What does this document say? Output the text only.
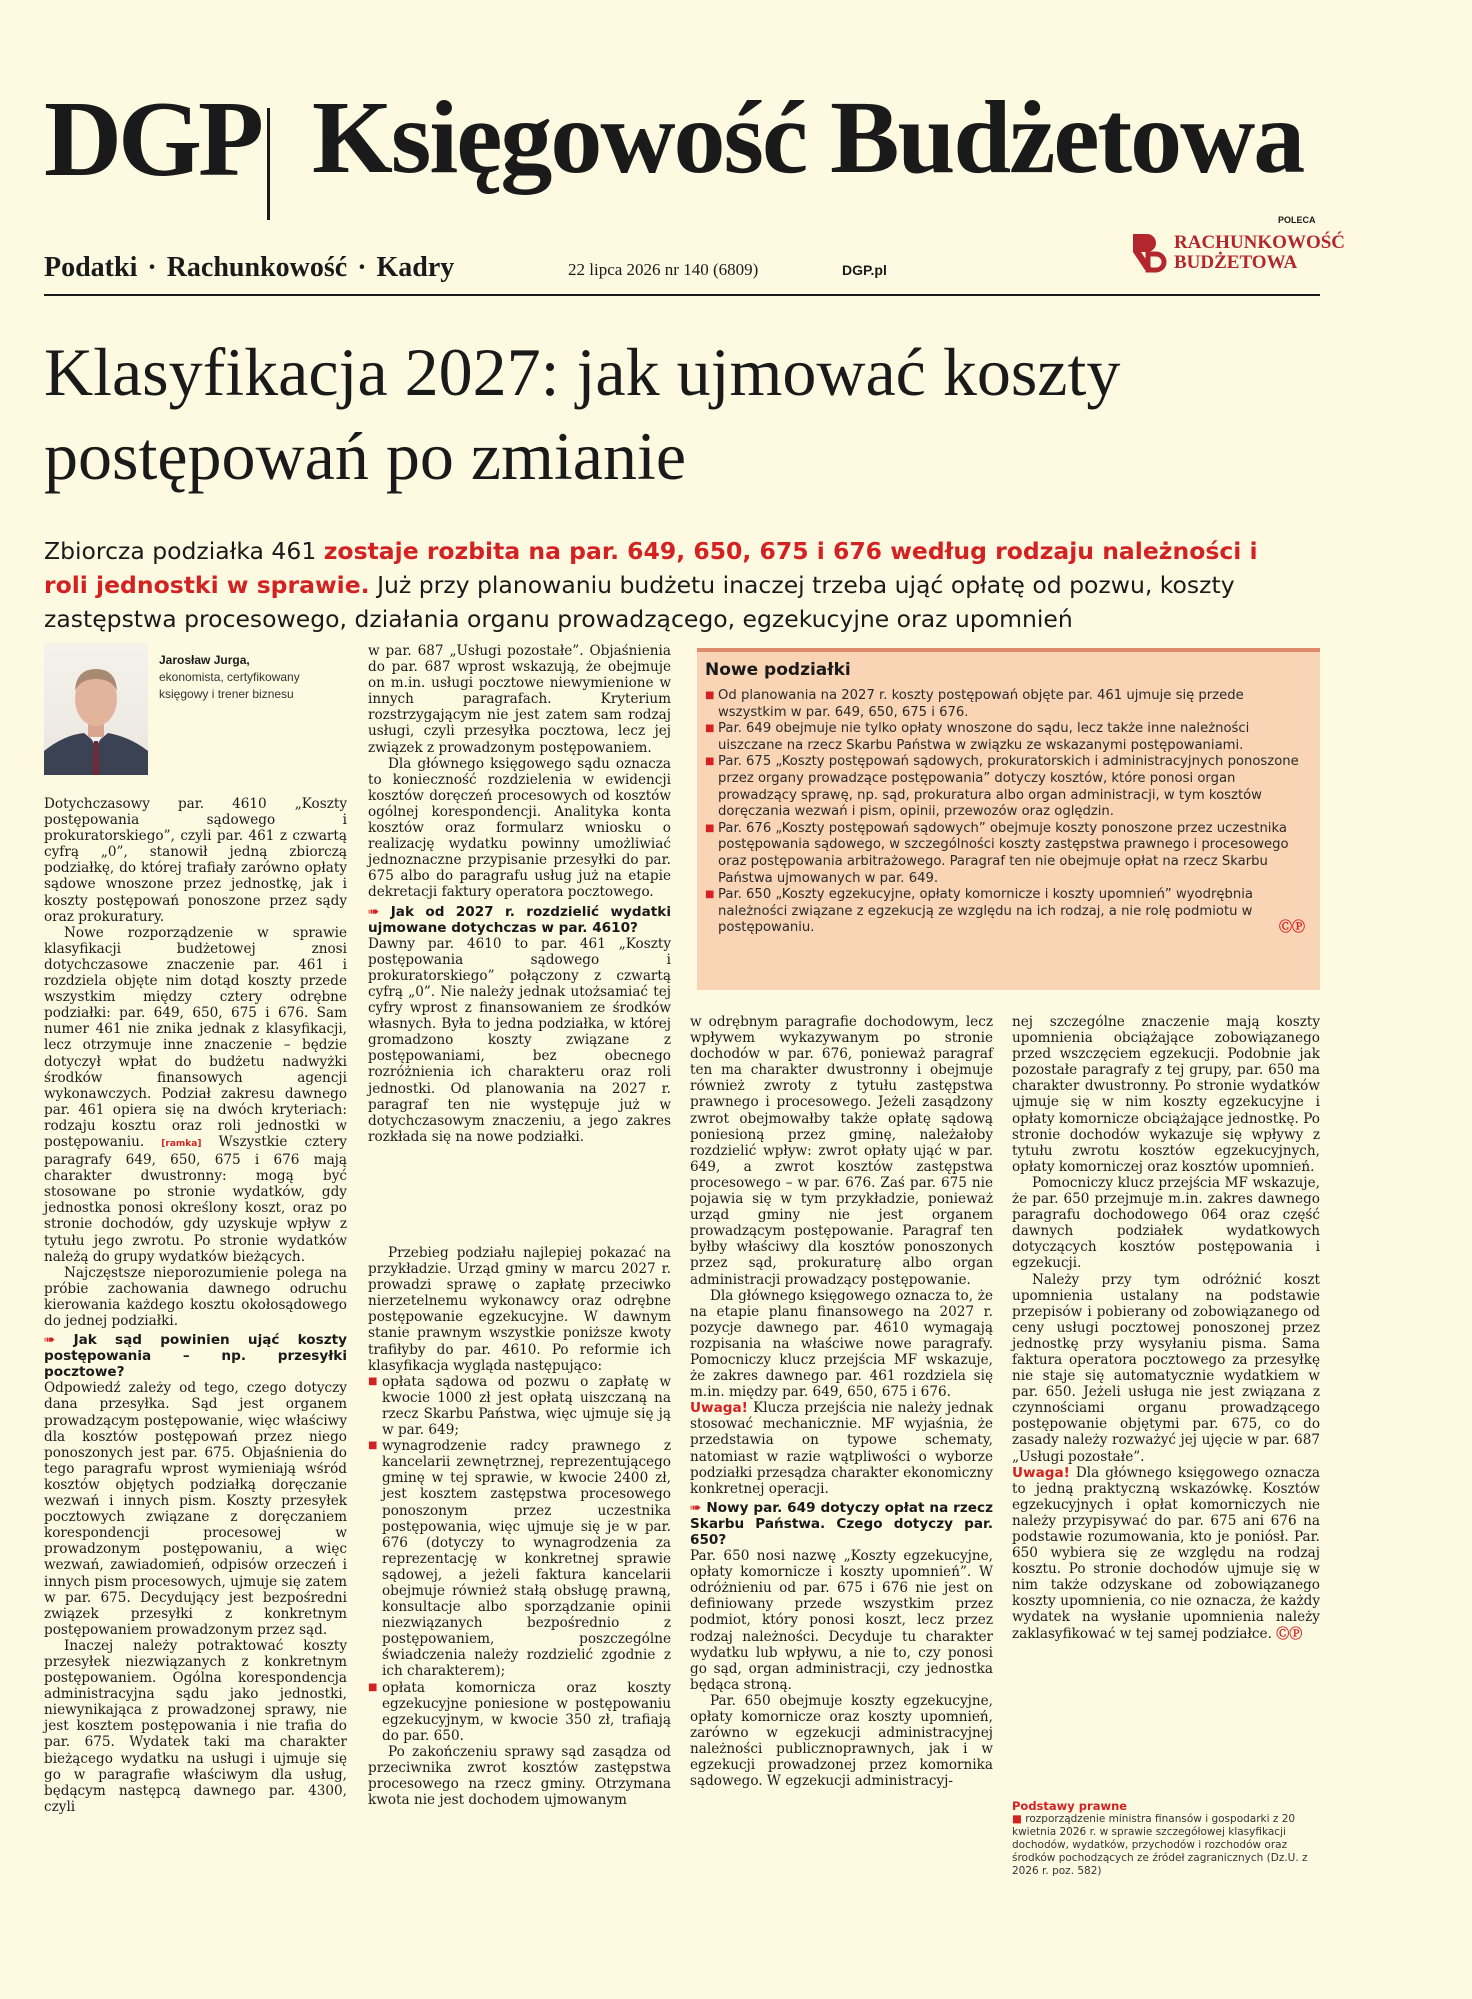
DGP Księgowość Budżetowa
Podatki · Rachunkowość · Kadry	22 lipca 2026 nr 140 (6809)	DGP.pl
POLECA
RACHUNKOWOŚĆ
BUDŻETOWA
Klasyfikacja 2027: jak ujmować koszty postępowań po zmianie
Zbiorcza podziałka 461 zostaje rozbita na par. 649, 650, 675 i 676 według rodzaju należności i roli jednostki w sprawie. Już przy planowaniu budżetu inaczej trzeba ująć opłatę od pozwu, koszty zastępstwa procesowego, działania organu prowadzącego, egzekucyjne oraz upomnień
Jarosław Jurga,
ekonomista, certyfikowany księgowy i trener biznesu
Nowe podziałki
■ Od planowania na 2027 r. koszty postępowań objęte par. 461 ujmuje się przede wszystkim w par. 649, 650, 675 i 676.
■ Par. 649 obejmuje nie tylko opłaty wnoszone do sądu, lecz także inne należności uiszczane na rzecz Skarbu Państwa w związku ze wskazanymi postępowaniami.
■ Par. 675 „Koszty postępowań sądowych, prokuratorskich i administracyjnych ponoszone przez organy prowadzące postępowania” dotyczy kosztów, które ponosi organ prowadzący sprawę, np. sąd, prokuratura albo organ administracji, w tym kosztów doręczania wezwań i pism, opinii, przewozów oraz oględzin.
■ Par. 676 „Koszty postępowań sądowych” obejmuje koszty ponoszone przez uczestnika postępowania sądowego, w szczególności koszty zastępstwa prawnego i procesowego oraz postępowania arbitrażowego. Paragraf ten nie obejmuje opłat na rzecz Skarbu Państwa ujmowanych w par. 649.
■ Par. 650 „Koszty egzekucyjne, opłaty komornicze i koszty upomnień” wyodrębnia należności związane z egzekucją ze względu na ich rodzaj, a nie rolę podmiotu w postępowaniu.	ⒸⓅ

Dotychczasowy par. 4610 „Koszty postępowania sądowego i prokuratorskiego”, czyli par. 461 z czwartą cyfrą „0”, stanowił jedną zbiorczą podziałkę, do której trafiały zarówno opłaty sądowe wnoszone przez jednostkę, jak i koszty postępowań ponoszone przez sądy oraz prokuratury.

Nowe rozporządzenie w sprawie klasyfikacji budżetowej znosi dotychczasowe znaczenie par. 461 i rozdziela objęte nim dotąd koszty przede wszystkim między cztery odrębne podziałki: par. 649, 650, 675 i 676. Sam numer 461 nie znika jednak z klasyfikacji, lecz otrzymuje inne znaczenie – będzie dotyczył wpłat do budżetu nadwyżki środków finansowych agencji wykonawczych. Podział zakresu dawnego par. 461 opiera się na dwóch kryteriach: rodzaju kosztu oraz roli jednostki w postępowaniu. [ramka] Wszystkie cztery paragrafy 649, 650, 675 i 676 mają charakter dwustronny: mogą być stosowane po stronie wydatków, gdy jednostka ponosi określony koszt, oraz po stronie dochodów, gdy uzyskuje wpływ z tytułu jego zwrotu. Po stronie wydatków należą do grupy wydatków bieżących.

Najczęstsze nieporozumienie polega na próbie zachowania dawnego odruchu kierowania każdego kosztu okołosądowego do jednej podziałki.

➠ Jak sąd powinien ująć koszty postępowania – np. przesyłki pocztowe?

Odpowiedź zależy od tego, czego dotyczy dana przesyłka. Sąd jest organem prowadzącym postępowanie, więc właściwy dla kosztów postępowań przez niego ponoszonych jest par. 675. Objaśnienia do tego paragrafu wprost wymieniają wśród kosztów objętych podziałką doręczanie wezwań i innych pism. Koszty przesyłek pocztowych związane z doręczaniem korespondencji procesowej w prowadzonym postępowaniu, a więc wezwań, zawiadomień, odpisów orzeczeń i innych pism procesowych, ujmuje się zatem w par. 675. Decydujący jest bezpośredni związek przesyłki z konkretnym postępowaniem prowadzonym przez sąd.

Inaczej należy potraktować koszty przesyłek niezwiązanych z konkretnym postępowaniem. Ogólna korespondencja administracyjna sądu jako jednostki, niewynikająca z prowadzonej sprawy, nie jest kosztem postępowania i nie trafia do par. 675. Wydatek taki ma charakter bieżącego wydatku na usługi i ujmuje się go w paragrafie właściwym dla usług, będącym następcą dawnego par. 4300, czyli

w par. 687 „Usługi pozostałe”. Objaśnienia do par. 687 wprost wskazują, że obejmuje on m.in. usługi pocztowe niewymienione w innych paragrafach. Kryterium rozstrzygającym nie jest zatem sam rodzaj usługi, czyli przesyłka pocztowa, lecz jej związek z prowadzonym postępowaniem.

Dla głównego księgowego sądu oznacza to konieczność rozdzielenia w ewidencji kosztów doręczeń procesowych od kosztów ogólnej korespondencji. Analityka konta kosztów oraz formularz wniosku o realizację wydatku powinny umożliwiać jednoznaczne przypisanie przesyłki do par. 675 albo do paragrafu usług już na etapie dekretacji faktury operatora pocztowego.

➠ Jak od 2027 r. rozdzielić wydatki ujmowane dotychczas w par. 4610?

Dawny par. 4610 to par. 461 „Koszty postępowania sądowego i prokuratorskiego” połączony z czwartą cyfrą „0”. Nie należy jednak utożsamiać tej cyfry wprost z finansowaniem ze środków własnych. Była to jedna podziałka, w której gromadzono koszty związane z postępowaniami, bez obecnego rozróżnienia ich charakteru oraz roli jednostki. Od planowania na 2027 r. paragraf ten nie występuje już w dotychczasowym znaczeniu, a jego zakres rozkłada się na nowe podziałki.

Przebieg podziału najlepiej pokazać na przykładzie. Urząd gminy w marcu 2027 r. prowadzi sprawę o zapłatę przeciwko nierzetelnemu wykonawcy oraz odrębne postępowanie egzekucyjne. W dawnym stanie prawnym wszystkie poniższe kwoty trafiłyby do par. 4610. Po reformie ich klasyfikacja wygląda następująco:

■ opłata sądowa od pozwu o zapłatę w kwocie 1000 zł jest opłatą uiszczaną na rzecz Skarbu Państwa, więc ujmuje się ją w par. 649;
■ wynagrodzenie radcy prawnego z kancelarii zewnętrznej, reprezentującego gminę w tej sprawie, w kwocie 2400 zł, jest kosztem zastępstwa procesowego ponoszonym przez uczestnika postępowania, więc ujmuje się je w par. 676 (dotyczy to wynagrodzenia za reprezentację w konkretnej sprawie sądowej, a jeżeli faktura kancelarii obejmuje również stałą obsługę prawną, konsultacje albo sporządzanie opinii niezwiązanych bezpośrednio z postępowaniem, poszczególne świadczenia należy rozdzielić zgodnie z ich charakterem);
■ opłata komornicza oraz koszty egzekucyjne poniesione w postępowaniu egzekucyjnym, w kwocie 350 zł, trafiają do par. 650.

Po zakończeniu sprawy sąd zasądza od przeciwnika zwrot kosztów zastępstwa procesowego na rzecz gminy. Otrzymana kwota nie jest dochodem ujmowanym

w odrębnym paragrafie dochodowym, lecz wpływem wykazywanym po stronie dochodów w par. 676, ponieważ paragraf ten ma charakter dwustronny i obejmuje również zwroty z tytułu zastępstwa prawnego i procesowego. Jeżeli zasądzony zwrot obejmowałby także opłatę sądową poniesioną przez gminę, należałoby rozdzielić wpływ: zwrot opłaty ująć w par. 649, a zwrot kosztów zastępstwa procesowego – w par. 676. Zaś par. 675 nie pojawia się w tym przykładzie, ponieważ urząd gminy nie jest organem prowadzącym postępowanie. Paragraf ten byłby właściwy dla kosztów ponoszonych przez sąd, prokuraturę albo organ administracji prowadzący postępowanie.

Dla głównego księgowego oznacza to, że na etapie planu finansowego na 2027 r. pozycje dawnego par. 4610 wymagają rozpisania na właściwe nowe paragrafy. Pomocniczy klucz przejścia MF wskazuje, że zakres dawnego par. 461 rozdziela się m.in. między par. 649, 650, 675 i 676.

Uwaga! Klucza przejścia nie należy jednak stosować mechanicznie. MF wyjaśnia, że przedstawia on typowe schematy, natomiast w razie wątpliwości o wyborze podziałki przesądza charakter ekonomiczny konkretnej operacji.

➠ Nowy par. 649 dotyczy opłat na rzecz Skarbu Państwa. Czego dotyczy par. 650?

Par. 650 nosi nazwę „Koszty egzekucyjne, opłaty komornicze i koszty upomnień”. W odróżnieniu od par. 675 i 676 nie jest on definiowany przede wszystkim przez podmiot, który ponosi koszt, lecz przez rodzaj należności. Decyduje tu charakter wydatku lub wpływu, a nie to, czy ponosi go sąd, organ administracji, czy jednostka będąca stroną.

Par. 650 obejmuje koszty egzekucyjne, opłaty komornicze oraz koszty upomnień, zarówno w egzekucji administracyjnej należności publicznoprawnych, jak i w egzekucji prowadzonej przez komornika sądowego. W egzekucji administracyj-

nej szczególne znaczenie mają koszty upomnienia obciążające zobowiązanego przed wszczęciem egzekucji. Podobnie jak pozostałe paragrafy z tej grupy, par. 650 ma charakter dwustronny. Po stronie wydatków ujmuje się w nim koszty egzekucyjne i opłaty komornicze obciążające jednostkę. Po stronie dochodów wykazuje się wpływy z tytułu zwrotu kosztów egzekucyjnych, opłaty komorniczej oraz kosztów upomnień.

Pomocniczy klucz przejścia MF wskazuje, że par. 650 przejmuje m.in. zakres dawnego paragrafu dochodowego 064 oraz część dawnych podziałek wydatkowych dotyczących kosztów postępowania i egzekucji.

Należy przy tym odróżnić koszt upomnienia ustalany na podstawie przepisów i pobierany od zobowiązanego od ceny usługi pocztowej ponoszonej przez jednostkę przy wysyłaniu pisma. Sama faktura operatora pocztowego za przesyłkę nie staje się automatycznie wydatkiem w par. 650. Jeżeli usługa nie jest związana z czynnościami organu prowadzącego postępowanie objętymi par. 675, co do zasady należy rozważyć jej ujęcie w par. 687 „Usługi pozostałe”.

Uwaga! Dla głównego księgowego oznacza to jedną praktyczną wskazówkę. Kosztów egzekucyjnych i opłat komorniczych nie należy przypisywać do par. 675 ani 676 na podstawie rozumowania, kto je poniósł. Par. 650 wybiera się ze względu na rodzaj kosztu. Po stronie dochodów ujmuje się w nim także odzyskane od zobowiązanego koszty upomnienia, co nie oznacza, że każdy wydatek na wysłanie upomnienia należy zaklasyfikować w tej samej podziałce. ⒸⓅ

Podstawy prawne
■ rozporządzenie ministra finansów i gospodarki z 20 kwietnia 2026 r. w sprawie szczegółowej klasyfikacji dochodów, wydatków, przychodów i rozchodów oraz środków pochodzących ze źródeł zagranicznych (Dz.U. z 2026 r. poz. 582)
